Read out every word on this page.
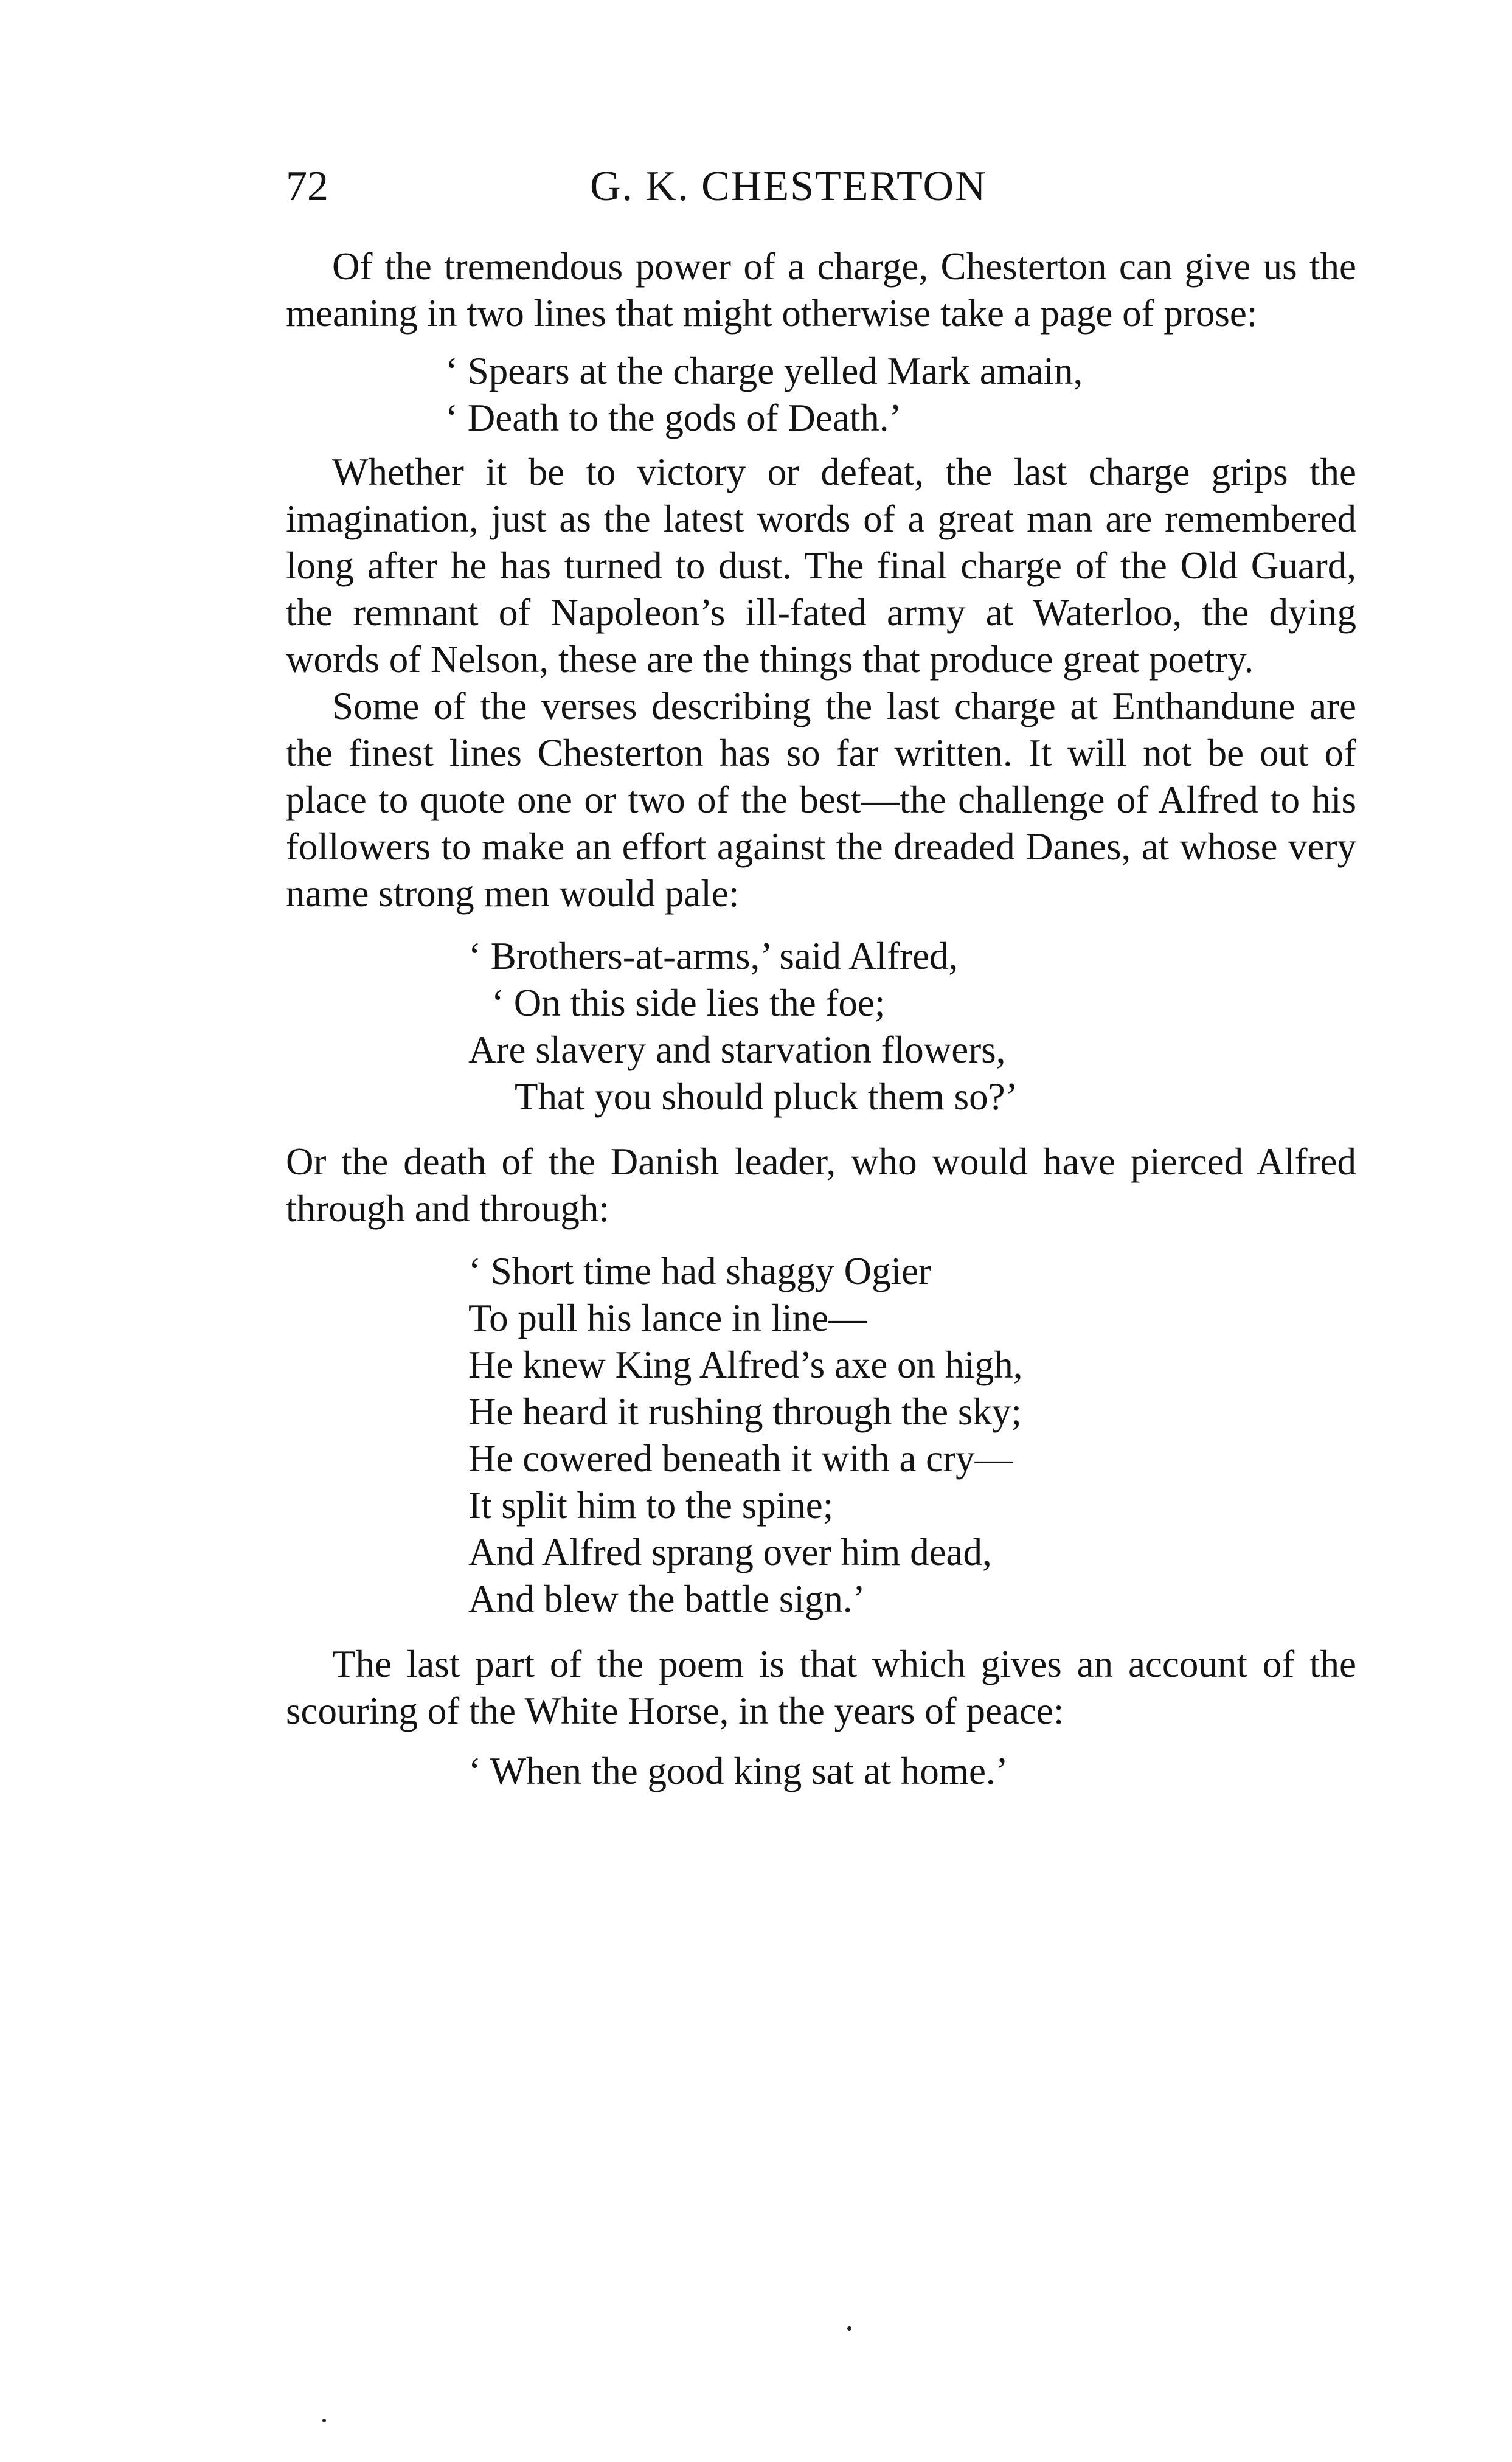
72	G. K. CHESTERTON

Of the tremendous power of a charge, Chesterton can give us the meaning in two lines that might otherwise take a page of prose:

‘ Spears at the charge yelled Mark amain,
‘ Death to the gods of Death.’

Whether it be to victory or defeat, the last charge grips the imagination, just as the latest words of a great man are remembered long after he has turned to dust. The final charge of the Old Guard, the remnant of Napoleon’s ill-fated army at Waterloo, the dying words of Nelson, these are the things that produce great poetry.

Some of the verses describing the last charge at Enthandune are the finest lines Chesterton has so far written. It will not be out of place to quote one or two of the best—the challenge of Alfred to his followers to make an effort against the dreaded Danes, at whose very name strong men would pale:

‘ Brothers-at-arms,’ said Alfred,
‘ On this side lies the foe;
Are slavery and starvation flowers,
That you should pluck them so?’

Or the death of the Danish leader, who would have pierced Alfred through and through:

‘ Short time had shaggy Ogier
To pull his lance in line—
He knew King Alfred’s axe on high,
He heard it rushing through the sky;
He cowered beneath it with a cry—
It split him to the spine;
And Alfred sprang over him dead,
And blew the battle sign.’

The last part of the poem is that which gives an account of the scouring of the White Horse, in the years of peace:

‘ When the good king sat at home.’
